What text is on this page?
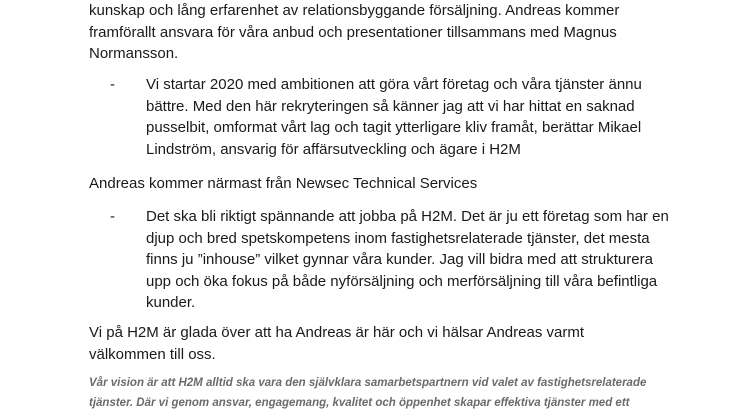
kunskap och lång erfarenhet av relationsbyggande försäljning. Andreas kommer
framförallt ansvara för våra anbud och presentationer tillsammans med Magnus
Normansson.
- Vi startar 2020 med ambitionen att göra vårt företag och våra tjänster ännu
bättre. Med den här rekryteringen så känner jag att vi har hittat en saknad
pusselbit, omformat vårt lag och tagit ytterligare kliv framåt, berättar Mikael
Lindström, ansvarig för affärsutveckling och ägare i H2M
Andreas kommer närmast från Newsec Technical Services
- Det ska bli riktigt spännande att jobba på H2M. Det är ju ett företag som har en
djup och bred spetskompetens inom fastighetsrelaterade tjänster, det mesta
finns ju ”inhouse” vilket gynnar våra kunder. Jag vill bidra med att strukturera
upp och öka fokus på både nyförsäljning och merförsäljning till våra befintliga
kunder.
Vi på H2M är glada över att ha Andreas är här och vi hälsar Andreas varmt
välkommen till oss.
Vår vision är att H2M alltid ska vara den självklara samarbetspartnern vid valet av fastighetsrelaterade
tjänster. Där vi genom ansvar, engagemang, kvalitet och öppenhet skapar effektiva tjänster med ett
